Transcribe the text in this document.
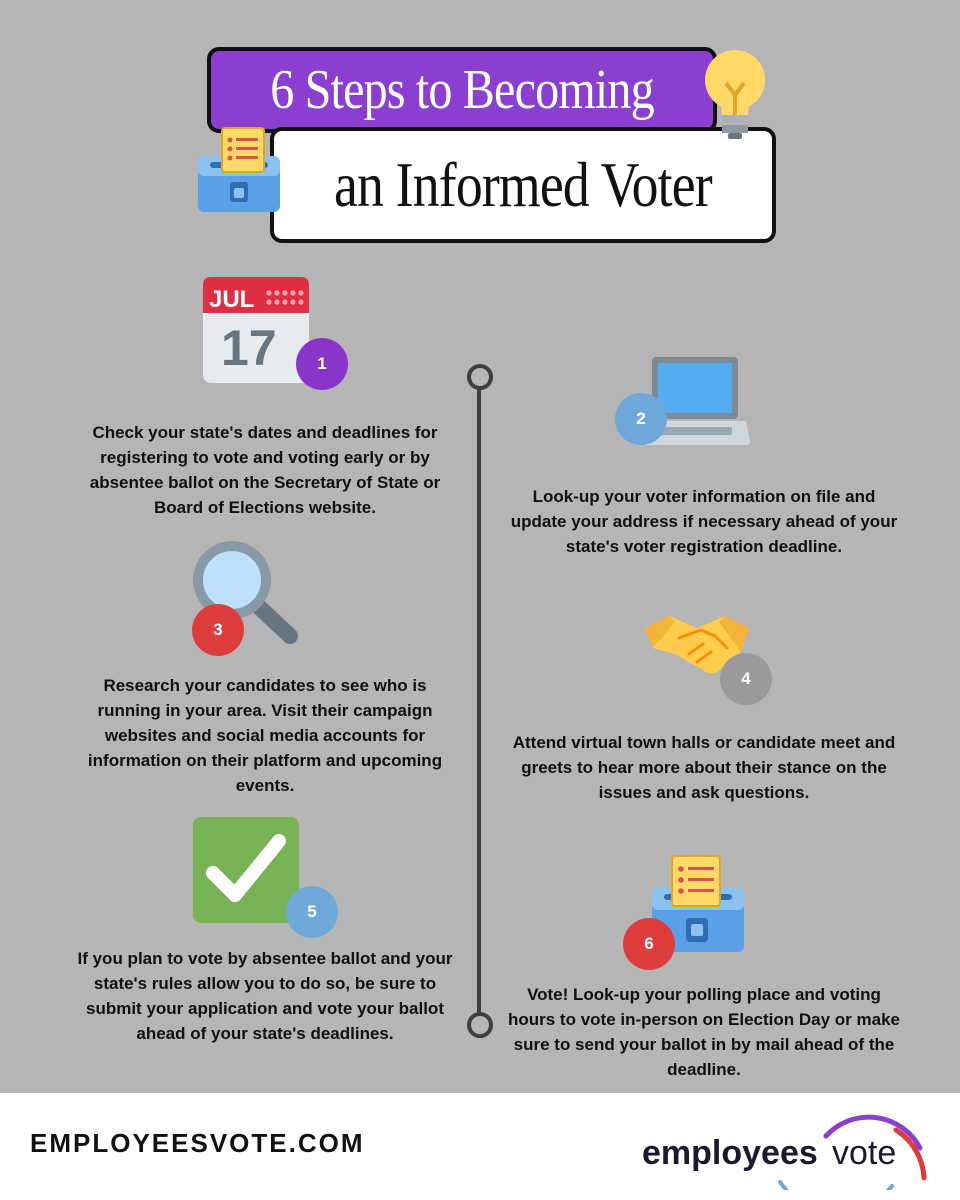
6 Steps to Becoming
an Informed Voter
JUL
17	1
Check your state's dates and deadlines for registering to vote and voting early or by absentee ballot on the Secretary of State or Board of Elections website.
2
Look-up your voter information on file and update your address if necessary ahead of your state's voter registration deadline.
3
Research your candidates to see who is running in your area. Visit their campaign websites and social media accounts for information on their platform and upcoming events.
4
Attend virtual town halls or candidate meet and greets to hear more about their stance on the issues and ask questions.
5
If you plan to vote by absentee ballot and your state's rules allow you to do so, be sure to submit your application and vote your ballot ahead of your state's deadlines.
6
Vote! Look-up your polling place and voting hours to vote in-person on Election Day or make sure to send your ballot in by mail ahead of the deadline.
EMPLOYEESVOTE.COM	employees vote
